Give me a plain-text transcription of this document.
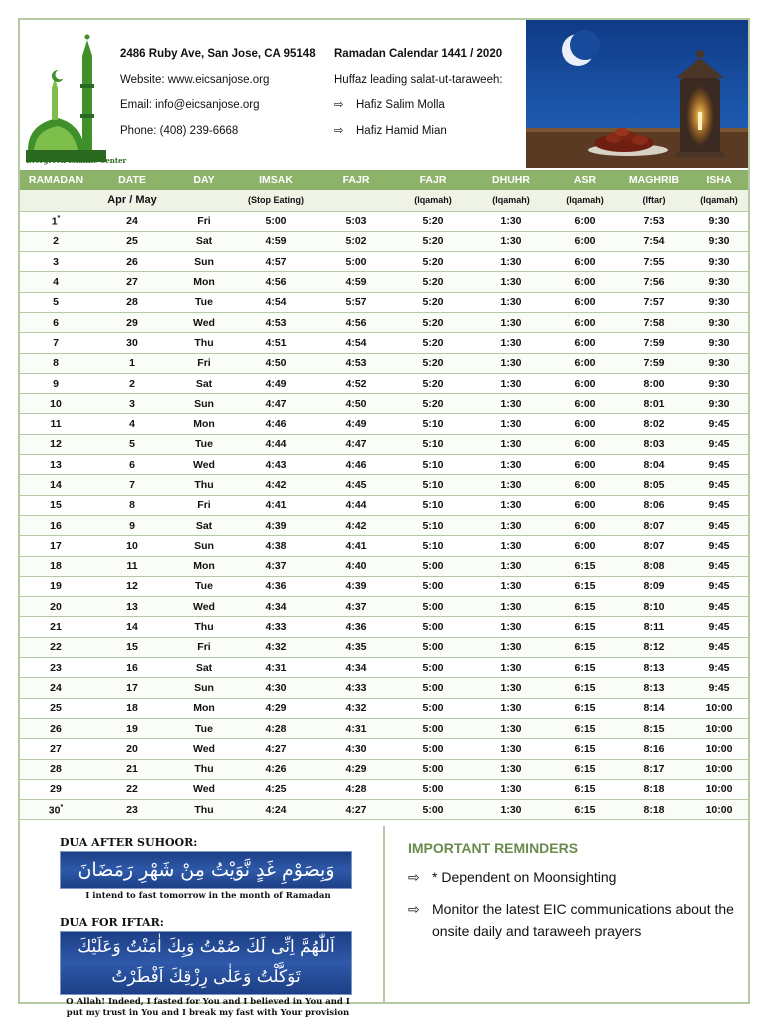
Evergreen Islamic Center
2486 Ruby Ave, San Jose, CA 95148
Website: www.eicsanjose.org
Email: info@eicsanjose.org
Phone: (408) 239-6668
Ramadan Calendar 1441 / 2020
Huffaz leading salat-ut-taraweeh:
⇨ Hafiz Salim Molla
⇨ Hafiz Hamid Mian
RAMADAN	DATE	DAY	IMSAK	FAJR	FAJR	DHUHR	ASR	MAGHRIB	ISHA
	Apr / May		(Stop Eating)		(Iqamah)	(Iqamah)	(Iqamah)	(Iftar)	(Iqamah)
1*	24	Fri	5:00	5:03	5:20	1:30	6:00	7:53	9:30
2	25	Sat	4:59	5:02	5:20	1:30	6:00	7:54	9:30
3	26	Sun	4:57	5:00	5:20	1:30	6:00	7:55	9:30
4	27	Mon	4:56	4:59	5:20	1:30	6:00	7:56	9:30
5	28	Tue	4:54	5:57	5:20	1:30	6:00	7:57	9:30
6	29	Wed	4:53	4:56	5:20	1:30	6:00	7:58	9:30
7	30	Thu	4:51	4:54	5:20	1:30	6:00	7:59	9:30
8	1	Fri	4:50	4:53	5:20	1:30	6:00	7:59	9:30
9	2	Sat	4:49	4:52	5:20	1:30	6:00	8:00	9:30
10	3	Sun	4:47	4:50	5:20	1:30	6:00	8:01	9:30
11	4	Mon	4:46	4:49	5:10	1:30	6:00	8:02	9:45
12	5	Tue	4:44	4:47	5:10	1:30	6:00	8:03	9:45
13	6	Wed	4:43	4:46	5:10	1:30	6:00	8:04	9:45
14	7	Thu	4:42	4:45	5:10	1:30	6:00	8:05	9:45
15	8	Fri	4:41	4:44	5:10	1:30	6:00	8:06	9:45
16	9	Sat	4:39	4:42	5:10	1:30	6:00	8:07	9:45
17	10	Sun	4:38	4:41	5:10	1:30	6:00	8:07	9:45
18	11	Mon	4:37	4:40	5:00	1:30	6:15	8:08	9:45
19	12	Tue	4:36	4:39	5:00	1:30	6:15	8:09	9:45
20	13	Wed	4:34	4:37	5:00	1:30	6:15	8:10	9:45
21	14	Thu	4:33	4:36	5:00	1:30	6:15	8:11	9:45
22	15	Fri	4:32	4:35	5:00	1:30	6:15	8:12	9:45
23	16	Sat	4:31	4:34	5:00	1:30	6:15	8:13	9:45
24	17	Sun	4:30	4:33	5:00	1:30	6:15	8:13	9:45
25	18	Mon	4:29	4:32	5:00	1:30	6:15	8:14	10:00
26	19	Tue	4:28	4:31	5:00	1:30	6:15	8:15	10:00
27	20	Wed	4:27	4:30	5:00	1:30	6:15	8:16	10:00
28	21	Thu	4:26	4:29	5:00	1:30	6:15	8:17	10:00
29	22	Wed	4:25	4:28	5:00	1:30	6:15	8:18	10:00
30*	23	Thu	4:24	4:27	5:00	1:30	6:15	8:18	10:00
DUA AFTER SUHOOR:
وَبِصَوْمِ غَدٍ نَّوَيْتُ مِنْ شَهْرِ رَمَضَانَ
I intend to fast tomorrow in the month of Ramadan
DUA FOR IFTAR:
اَللّٰهُمَّ اِنِّى لَكَ صُمْتُ وَبِكَ اٰمَنْتُ وَعَلَيْكَ
تَوَكَّلْتُ وَعَلٰى رِزْقِكَ اَفْطَرْتُ
O Allah! Indeed, I fasted for You and I believed in You and I
put my trust in You and I break my fast with Your provision
IMPORTANT REMINDERS
⇨ * Dependent on Moonsighting
⇨ Monitor the latest EIC communications about the onsite daily and taraweeh prayers
